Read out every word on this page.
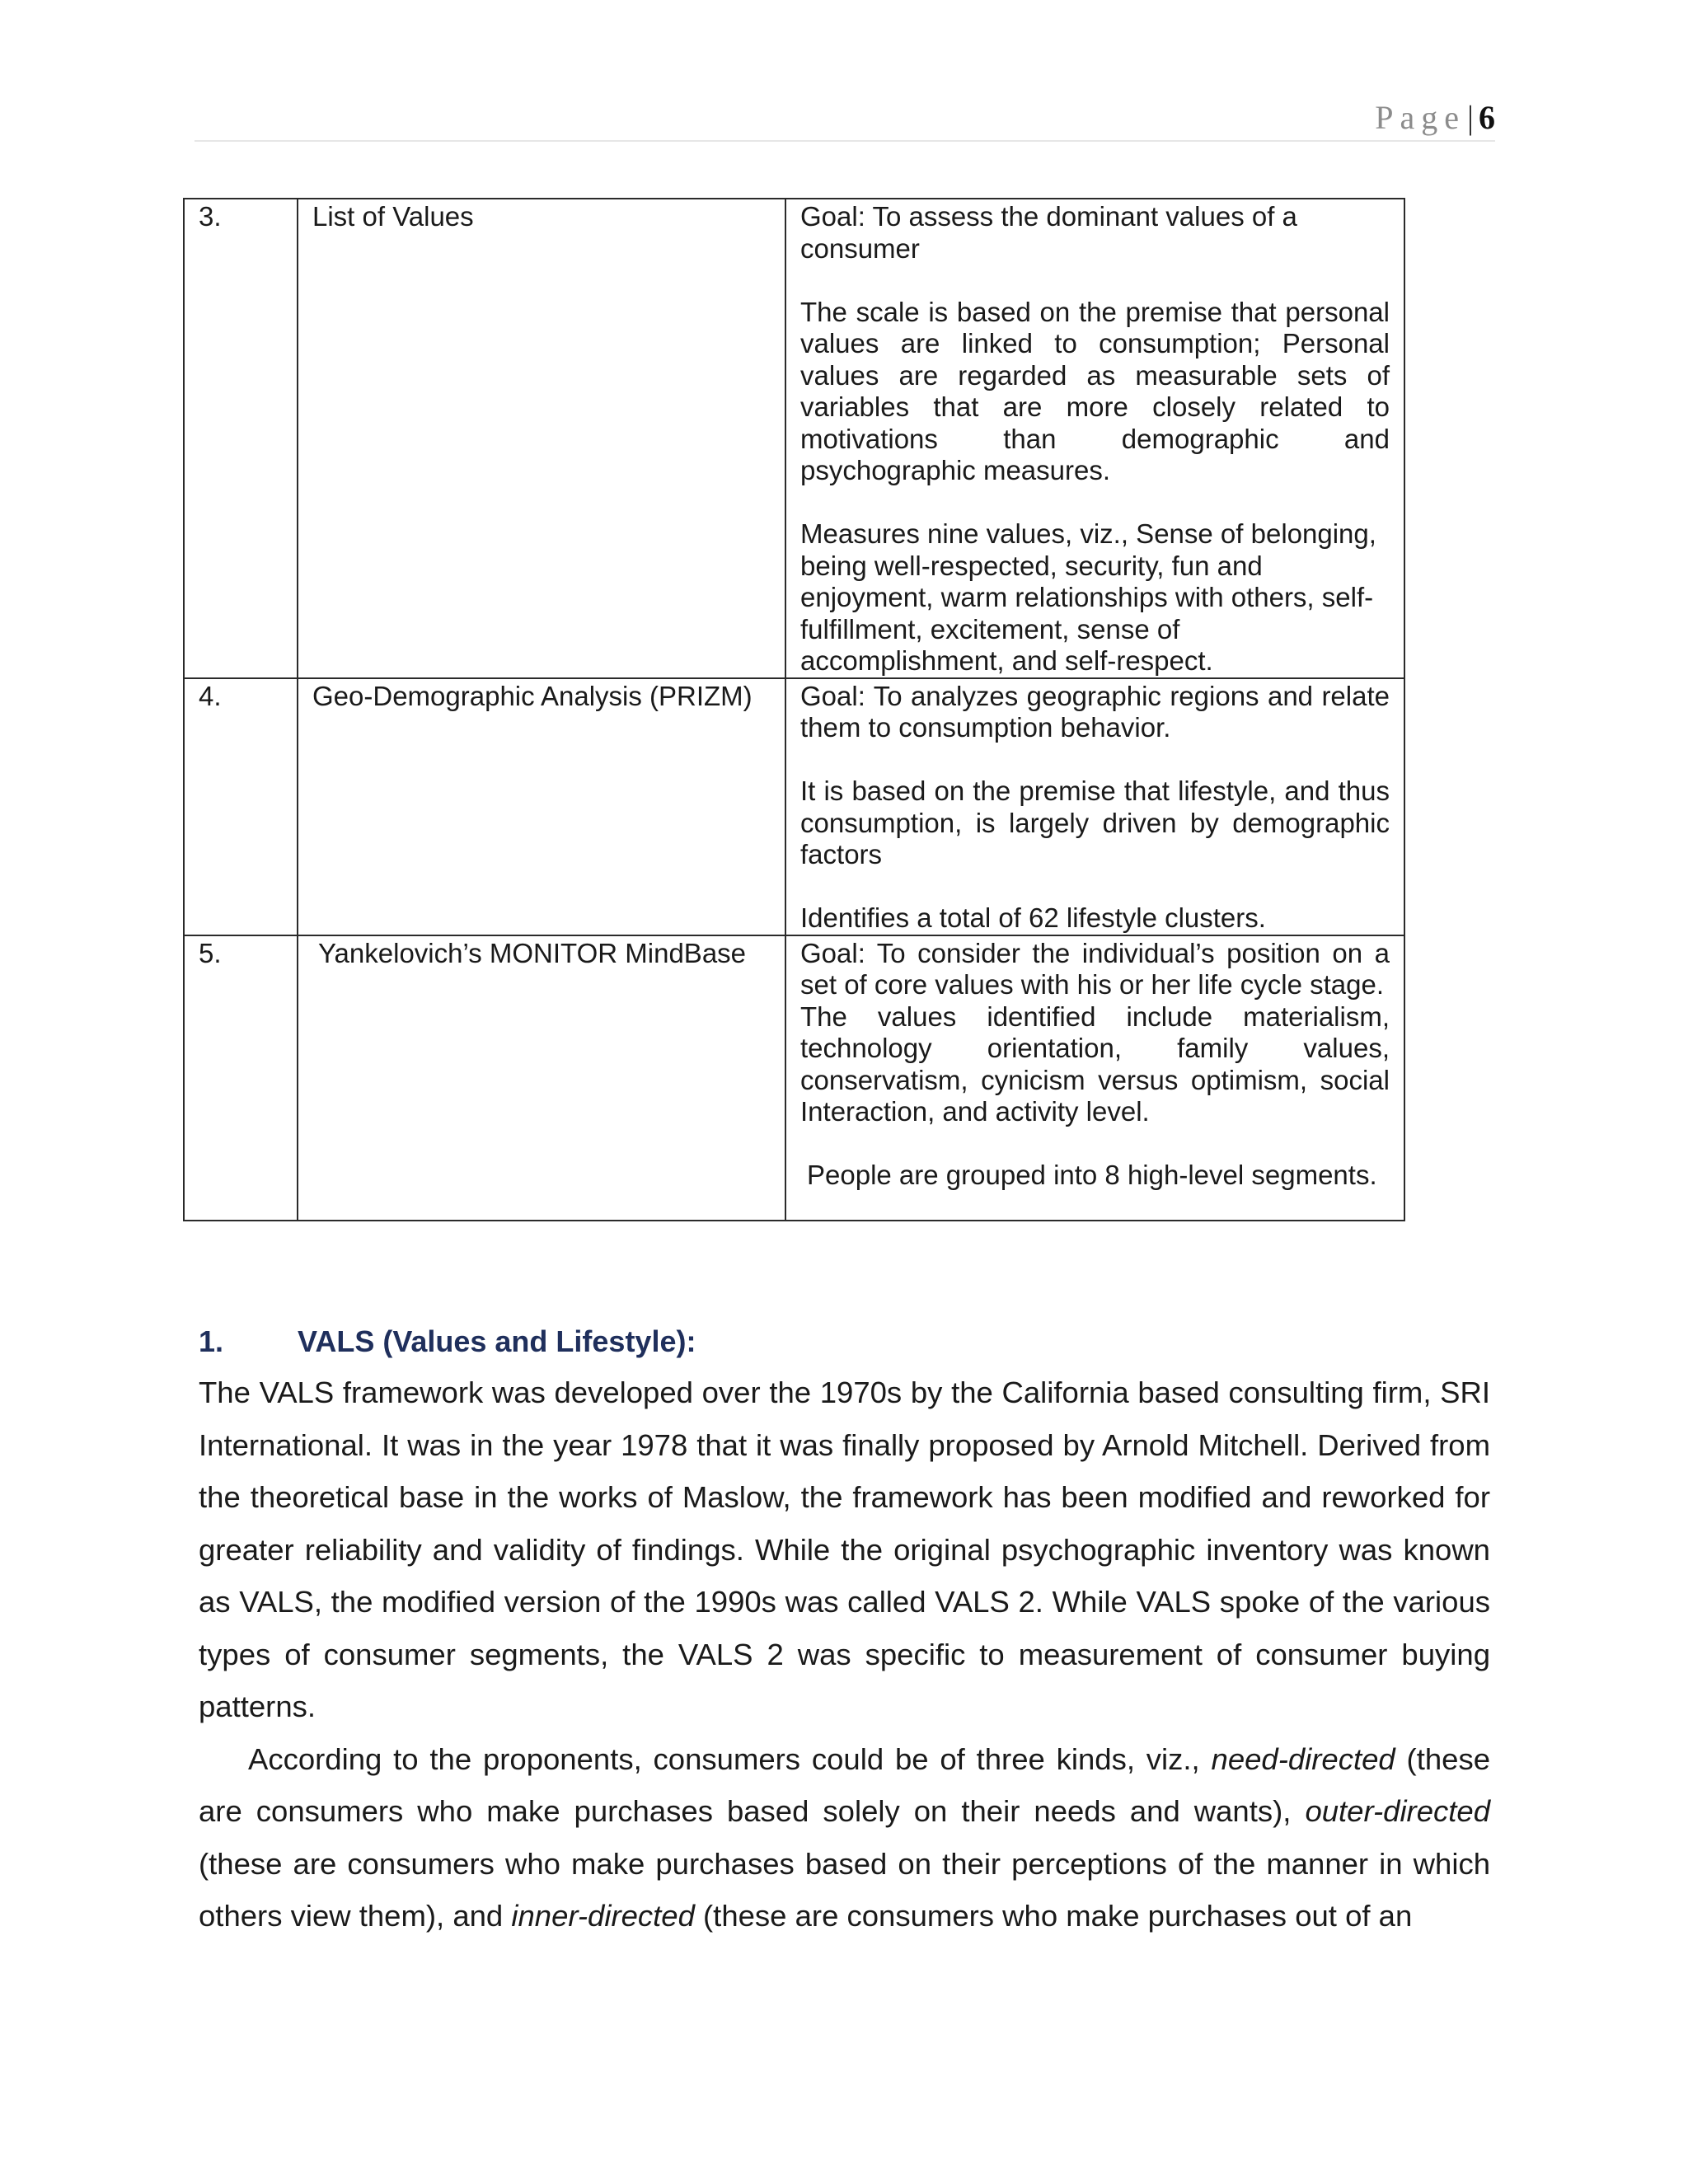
Page| 6
3.	List of Values	Goal: To assess the dominant values of a consumer

The scale is based on the premise that personal values are linked to consumption; Personal values are regarded as measurable sets of variables that are more closely related to motivations than demographic and psychographic measures.

Measures nine values, viz., Sense of belonging, being well-respected, security, fun and enjoyment, warm relationships with others, self-fulfillment, excitement, sense of accomplishment, and self-respect.

4.	Geo-Demographic Analysis (PRIZM)	Goal: To analyzes geographic regions and relate them to consumption behavior.

It is based on the premise that lifestyle, and thus consumption, is largely driven by demographic factors

Identifies a total of 62 lifestyle clusters.

5.	Yankelovich’s MONITOR MindBase	Goal: To consider the individual’s position on a set of core values with his or her life cycle stage.

The values identified include materialism, technology orientation, family values, conservatism, cynicism versus optimism, social Interaction, and activity level.

People are grouped into 8 high-level segments.

1. VALS (Values and Lifestyle):

The VALS framework was developed over the 1970s by the California based consulting firm, SRI International. It was in the year 1978 that it was finally proposed by Arnold Mitchell. Derived from the theoretical base in the works of Maslow, the framework has been modified and reworked for greater reliability and validity of findings. While the original psychographic inventory was known as VALS, the modified version of the 1990s was called VALS 2. While VALS spoke of the various types of consumer segments, the VALS 2 was specific to measurement of consumer buying patterns.

According to the proponents, consumers could be of three kinds, viz., need-directed (these are consumers who make purchases based solely on their needs and wants), outer-directed (these are consumers who make purchases based on their perceptions of the manner in which others view them), and inner-directed (these are consumers who make purchases out of an
